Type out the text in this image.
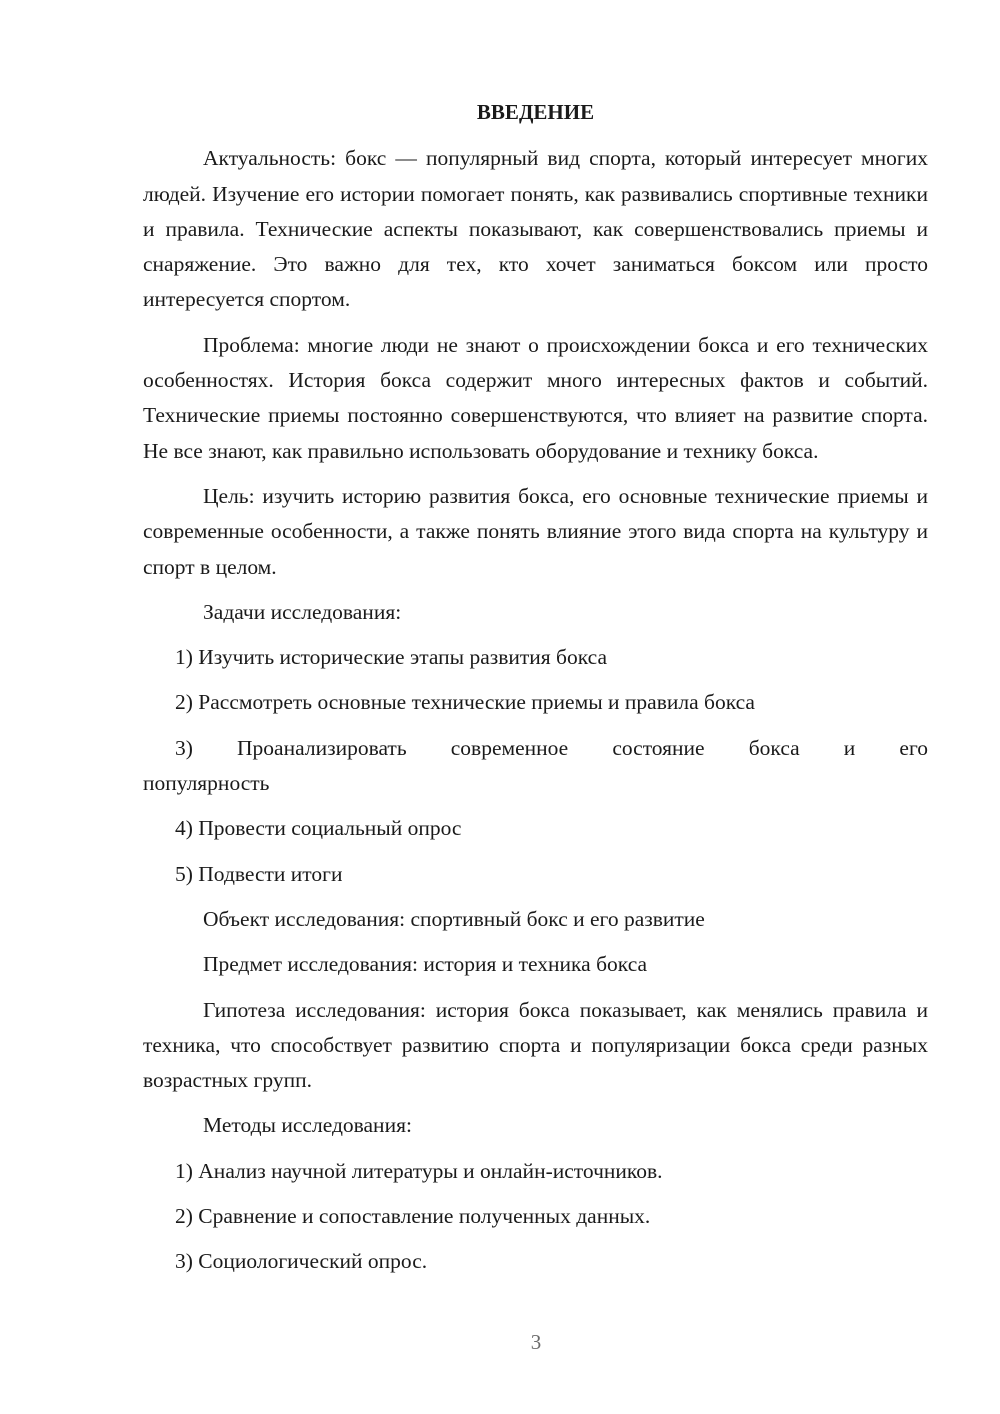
ВВЕДЕНИЕ

Актуальность: бокс — популярный вид спорта, который интересует многих людей. Изучение его истории помогает понять, как развивались спортивные техники и правила. Технические аспекты показывают, как совершенствовались приемы и снаряжение. Это важно для тех, кто хочет заниматься боксом или просто интересуется спортом.

Проблема: многие люди не знают о происхождении бокса и его технических особенностях. История бокса содержит много интересных фактов и событий. Технические приемы постоянно совершенствуются, что влияет на развитие спорта. Не все знают, как правильно использовать оборудование и технику бокса.

Цель: изучить историю развития бокса, его основные технические приемы и современные особенности, а также понять влияние этого вида спорта на культуру и спорт в целом.

Задачи исследования:

1) Изучить исторические этапы развития бокса

2) Рассмотреть основные технические приемы и правила бокса

3) Проанализировать современное состояние бокса и его популярность

4) Провести социальный опрос

5) Подвести итоги

Объект исследования: спортивный бокс и его развитие

Предмет исследования: история и техника бокса

Гипотеза исследования: история бокса показывает, как менялись правила и техника, что способствует развитию спорта и популяризации бокса среди разных возрастных групп.

Методы исследования:

1) Анализ научной литературы и онлайн-источников.

2) Сравнение и сопоставление полученных данных.

3) Социологический опрос.

3
